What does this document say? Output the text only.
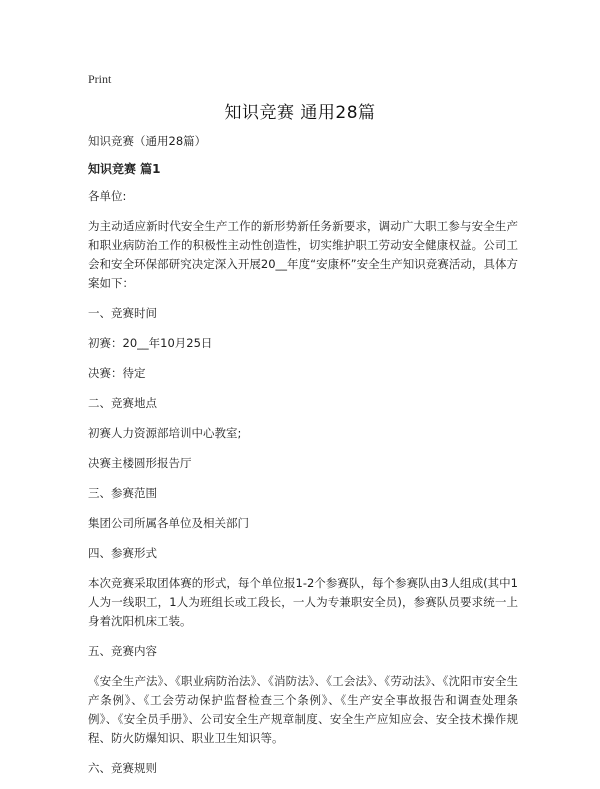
Print
知识竞赛 通用28篇

知识竞赛（通用28篇）

知识竞赛 篇1

各单位:

为主动适应新时代安全生产工作的新形势新任务新要求，调动广大职工参与安全生产和职业病防治工作的积极性主动性创造性，切实维护职工劳动安全健康权益。公司工会和安全环保部研究决定深入开展20__年度“安康杯”安全生产知识竞赛活动，具体方案如下：

一、竞赛时间

初赛：20__年10月25日

决赛：待定

二、竞赛地点

初赛人力资源部培训中心教室;

决赛主楼圆形报告厅

三、参赛范围

集团公司所属各单位及相关部门

四、参赛形式

本次竞赛采取团体赛的形式，每个单位报1-2个参赛队，每个参赛队由3人组成(其中1人为一线职工，1人为班组长或工段长，一人为专兼职安全员)，参赛队员要求统一上身着沈阳机床工装。

五、竞赛内容

《安全生产法》、《职业病防治法》、《消防法》、《工会法》、《劳动法》、《沈阳市安全生产条例》、《工会劳动保护监督检查三个条例》、《生产安全事故报告和调查处理条例》、《安全员手册》、公司安全生产规章制度、安全生产应知应会、安全技术操作规程、防火防爆知识、职业卫生知识等。

六、竞赛规则
